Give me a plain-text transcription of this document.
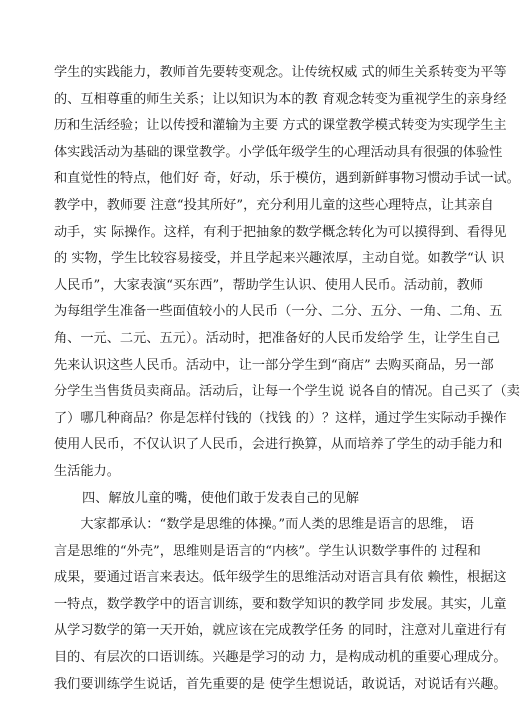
学生的实践能力，教师首先要转变观念。让传统权威 式的师生关系转变为平等
的、互相尊重的师生关系；让以知识为本的教 育观念转变为重视学生的亲身经
历和生活经验；让以传授和灌输为主要 方式的课堂教学模式转变为实现学生主
体实践活动为基础的课堂教学。小学低年级学生的心理活动具有很强的体验性
和直觉性的特点，他们好 奇，好动，乐于模仿，遇到新鲜事物习惯动手试一试。
教学中，教师要 注意“投其所好”，充分利用儿童的这些心理特点，让其亲自
动手，实 际操作。这样，有利于把抽象的数学概念转化为可以摸得到、看得见
的 实物，学生比较容易接受，并且学起来兴趣浓厚，主动自觉。如教学“认 识
人民币”，大家表演“买东西”，帮助学生认识、使用人民币。活动前，教师
为每组学生准备一些面值较小的人民币（一分、二分、五分、一角、二角、五
角、一元、二元、五元）。活动时，把准备好的人民币发给学 生，让学生自己
先来认识这些人民币。活动中，让一部分学生到“商店” 去购买商品，另一部
分学生当售货员卖商品。活动后，让每一个学生说 说各自的情况。自己买了（卖
了）哪几种商品？你是怎样付钱的（找钱 的）？这样，通过学生实际动手操作
使用人民币，不仅认识了人民币，会进行换算，从而培养了学生的动手能力和
生活能力。
四、解放儿童的嘴，使他们敢于发表自己的见解
　　大家都承认：“数学是思维的体操。”而人类的思维是语言的思维， 语
言是思维的“外壳”，思维则是语言的“内核”。学生认识数学事件的 过程和
成果，要通过语言来表达。低年级学生的思维活动对语言具有依 赖性，根据这
一特点，数学教学中的语言训练，要和数学知识的教学同 步发展。其实，儿童
从学习数学的第一天开始，就应该在完成教学任务 的同时，注意对儿童进行有
目的、有层次的口语训练。兴趣是学习的动 力，是构成动机的重要心理成分。
我们要训练学生说话，首先重要的是 使学生想说话，敢说话，对说话有兴趣。
